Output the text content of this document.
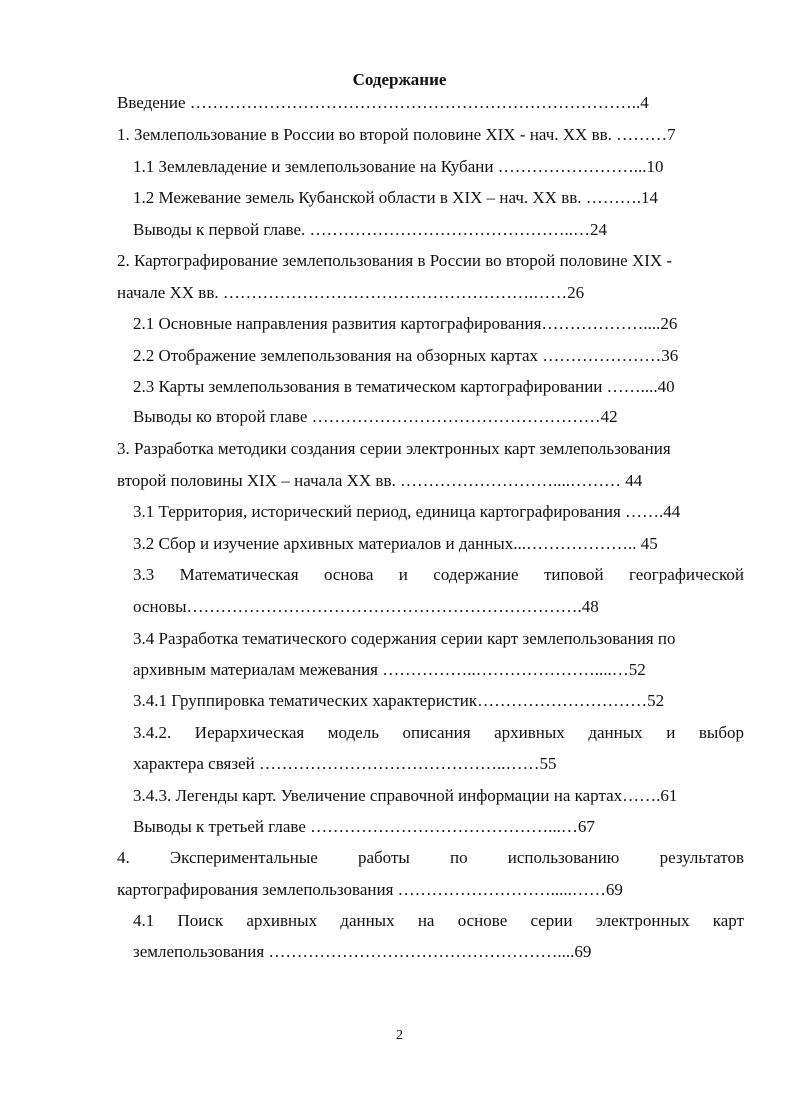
Содержание
Введение ……………………………………………………………………..4
1. Землепользование в России во второй половине XIX - нач. XX вв. ………7
1.1 Землевладение и землепользование на Кубани ……………………...10
1.2 Межевание земель Кубанской области в XIX – нач. XX вв. ……….14
Выводы к первой главе. ………………………………………..…24
2. Картографирование землепользования в России во второй половине XIX -
начале XX вв. ……………………………………………….……26
2.1 Основные направления развития картографирования………………....26
2.2 Отображение землепользования на обзорных картах …………………36
2.3 Карты землепользования в тематическом картографировании ……....40
Выводы ко второй главе ……………………………………………42
3. Разработка методики создания серии электронных карт землепользования
второй половины XIX – начала XX вв. ………………………....……… 44
3.1 Территория, исторический период, единица картографирования …….44
3.2 Сбор и изучение архивных материалов и данных...……………….. 45
3.3 Математическая основа и содержание типовой географической
основы…………………………………………………………….48
3.4 Разработка тематического содержания серии карт землепользования по
архивным материалам межевания ……………..…………………....…52
3.4.1 Группировка тематических характеристик…………………………52
3.4.2. Иерархическая модель описания архивных данных и выбор
характера связей ……………………………………..……55
3.4.3. Легенды карт. Увеличение справочной информации на картах…….61
Выводы к третьей главе ……………………………………...…67
4. Экспериментальные работы по использованию результатов
картографирования землепользования ……………………….....……69
4.1 Поиск архивных данных на основе серии электронных карт
землепользования ……………………………………………....69
2
